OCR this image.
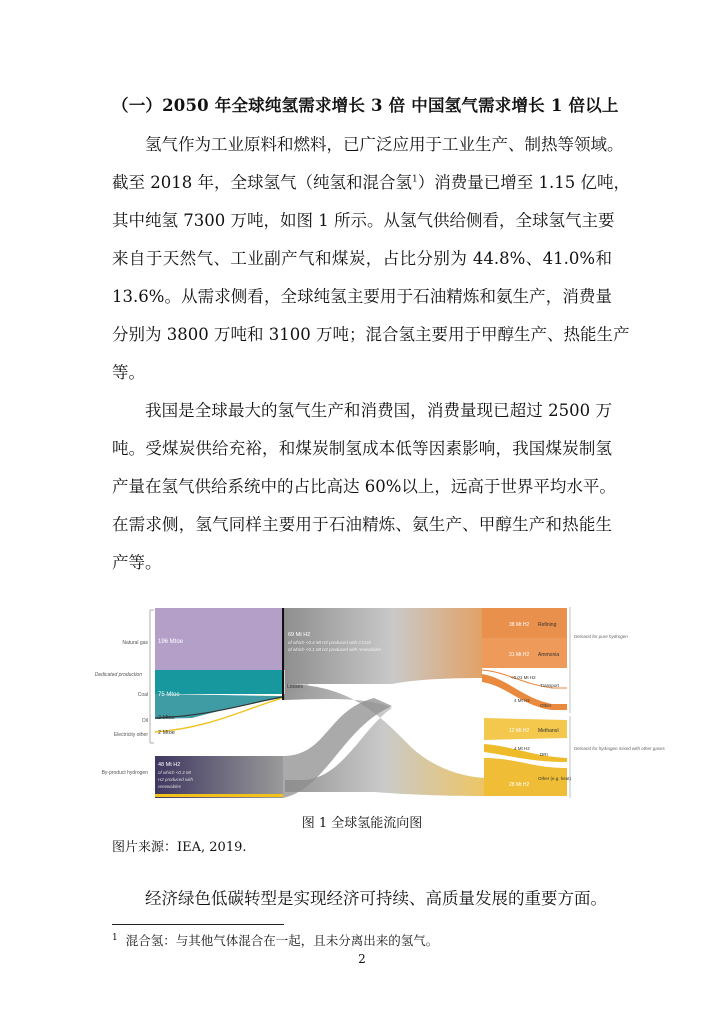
（一）2050 年全球纯氢需求增长 3 倍 中国氢气需求增长 1 倍以上
氢气作为工业原料和燃料，已广泛应用于工业生产、制热等领域。
截至 2018 年，全球氢气（纯氢和混合氢$^1$）消费量已增至 1.15 亿吨，
其中纯氢 7300 万吨，如图 1 所示。从氢气供给侧看，全球氢气主要
来自于天然气、工业副产气和煤炭，占比分别为 44.8%、41.0%和
13.6%。从需求侧看，全球纯氢主要用于石油精炼和氨生产，消费量
分别为 3800 万吨和 3100 万吨；混合氢主要用于甲醇生产、热能生产
等。
我国是全球最大的氢气生产和消费国，消费量现已超过 2500 万
吨。受煤炭供给充裕，和煤炭制氢成本低等因素影响，我国煤炭制氢
产量在氢气供给系统中的占比高达 60%以上，远高于世界平均水平。
在需求侧，氢气同样主要用于石油精炼、氨生产、甲醇生产和热能生
产等。
Natural gas 196 Mtoe
Coal 75 Mtoe
Oil 2 Mtoe
Electricity other 2 Mtoe
Dedicated production
By-product hydrogen
48 Mt H2
of which <0.3 Mt
H2 produced with
renewables
69 Mt H2
of which <0.4 Mt H2 produced with CCUS
of which <0.1 Mt H2 produced with renewables
Losses
38 Mt H2 Refining
31 Mt H2 Ammonia
<0.01 Mt H2
Transport
4 Mt H2
Other
12 Mt H2 Methanol
4 Mt H2
DRI
28 Mt H2
Other (e.g. heat)
Demand for pure hydrogen
Demand for hydrogen mixed with other gases
图 1 全球氢能流向图
图片来源：IEA, 2019.
经济绿色低碳转型是实现经济可持续、高质量发展的重要方面。
$^1$ 混合氢：与其他气体混合在一起，且未分离出来的氢气。
2
